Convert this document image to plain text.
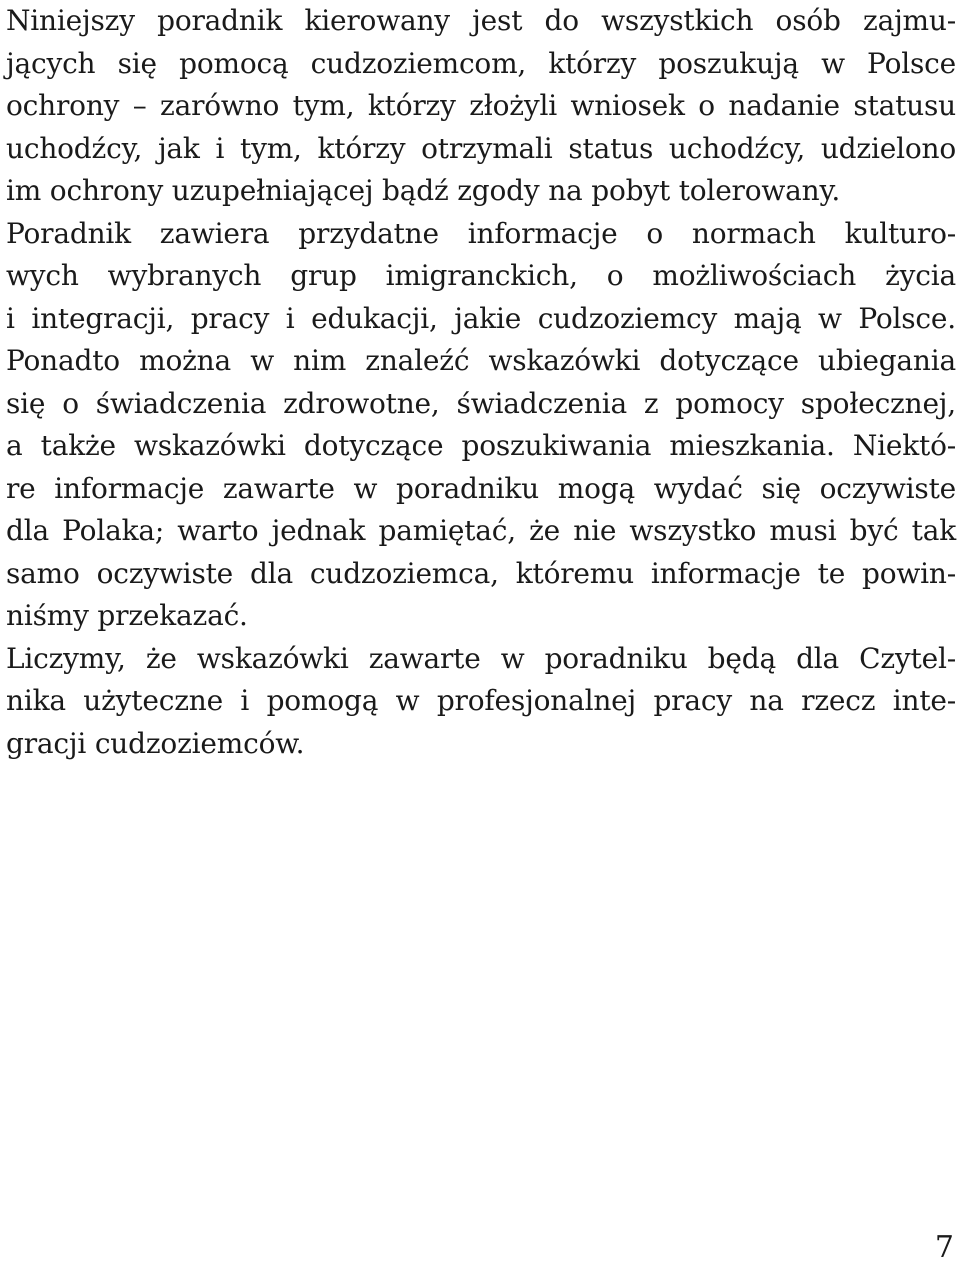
Niniejszy poradnik kierowany jest do wszystkich osób zajmu-
jących się pomocą cudzoziemcom, którzy poszukują w Polsce
ochrony – zarówno tym, którzy złożyli wniosek o nadanie statusu
uchodźcy, jak i tym, którzy otrzymali status uchodźcy, udzielono
im ochrony uzupełniającej bądź zgody na pobyt tolerowany.
Poradnik zawiera przydatne informacje o normach kulturo-
wych wybranych grup imigranckich, o możliwościach życia
i integracji, pracy i edukacji, jakie cudzoziemcy mają w Polsce.
Ponadto można w nim znaleźć wskazówki dotyczące ubiegania
się o świadczenia zdrowotne, świadczenia z pomocy społecznej,
a także wskazówki dotyczące poszukiwania mieszkania. Niektó-
re informacje zawarte w poradniku mogą wydać się oczywiste
dla Polaka; warto jednak pamiętać, że nie wszystko musi być tak
samo oczywiste dla cudzoziemca, któremu informacje te powin-
niśmy przekazać.
Liczymy, że wskazówki zawarte w poradniku będą dla Czytel-
nika użyteczne i pomogą w profesjonalnej pracy na rzecz inte-
gracji cudzoziemców.
7
